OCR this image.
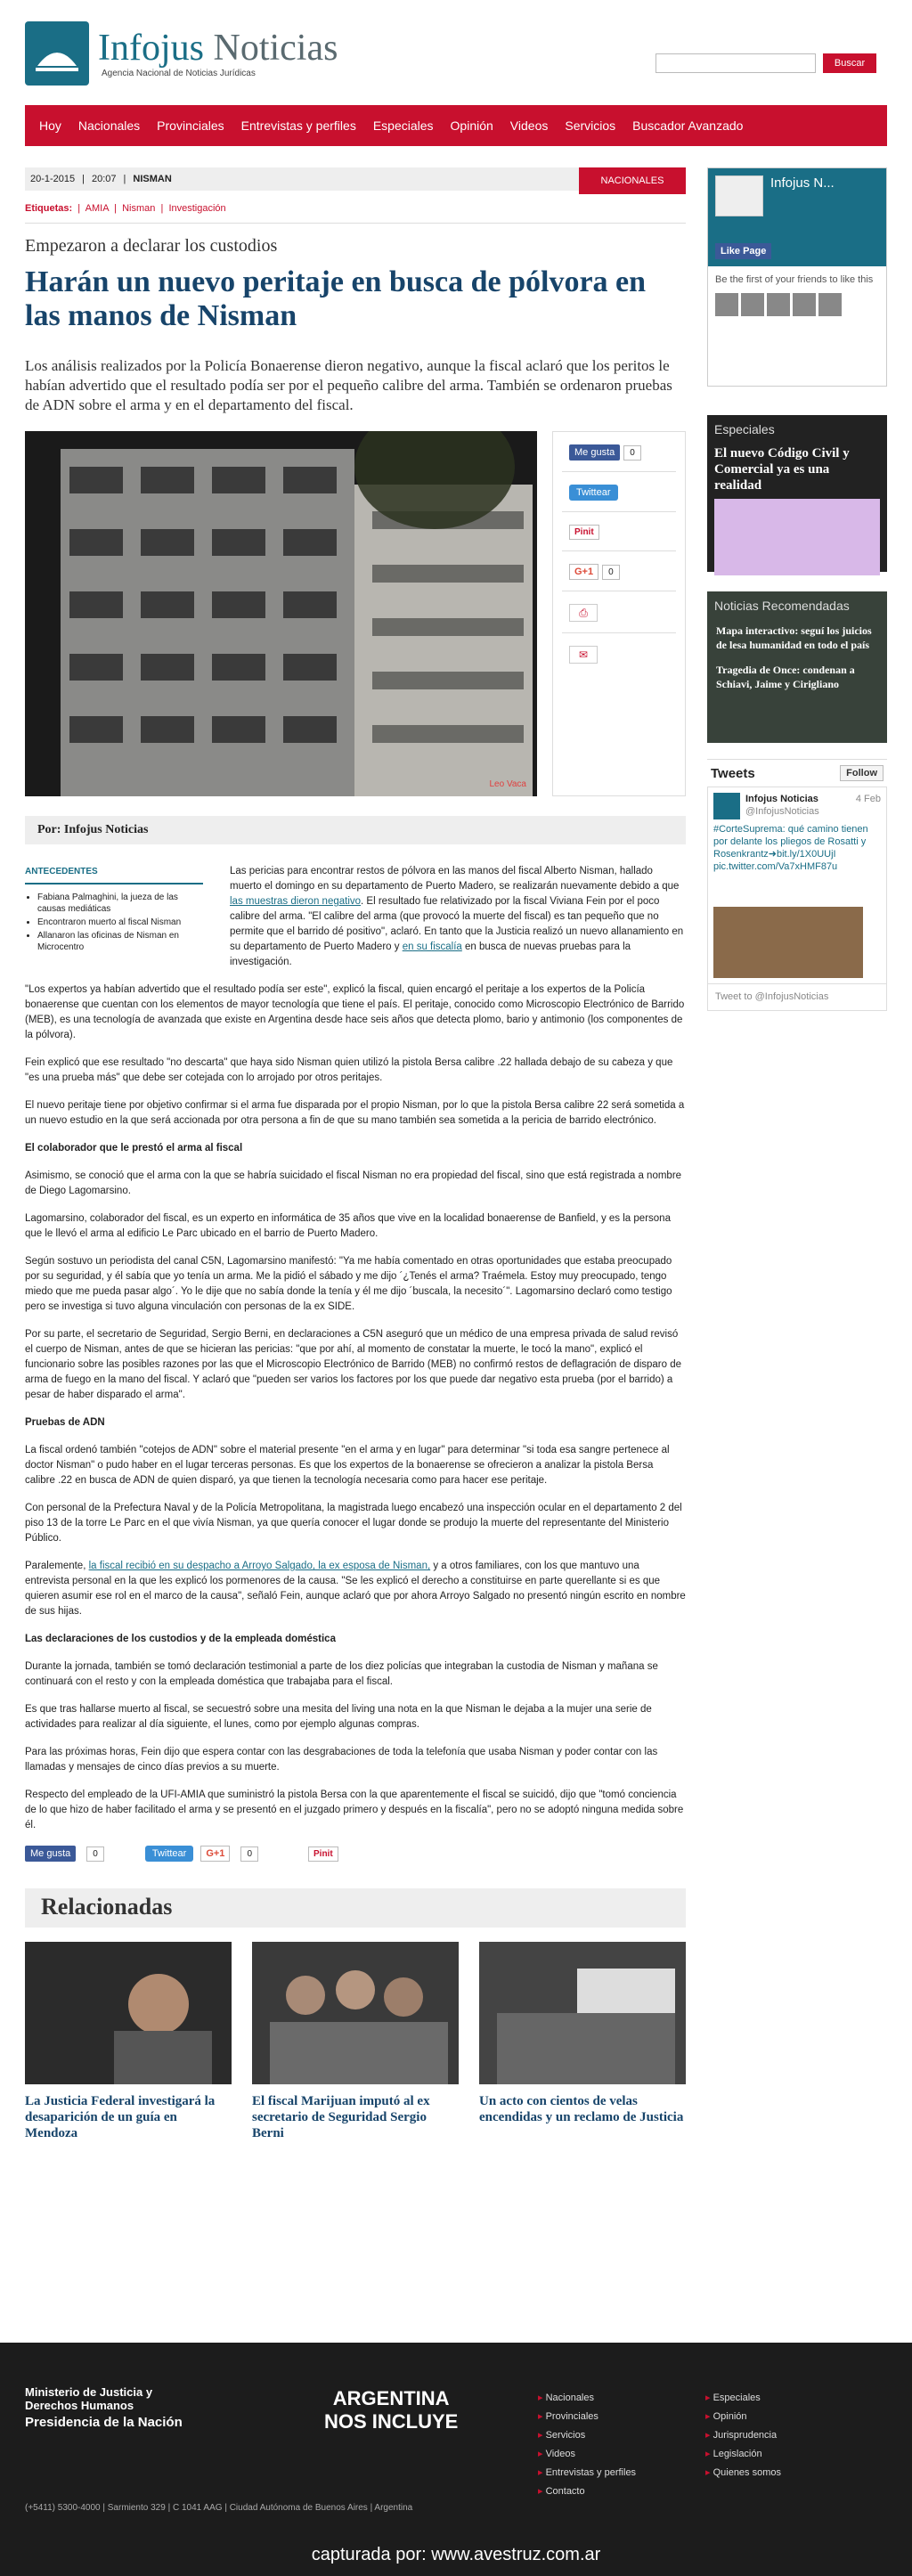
Infojus Noticias
Agencia Nacional de Noticias Jurídicas
Buscar
Hoy Nacionales Provinciales Entrevistas y perfiles Especiales Opinión Videos Servicios Buscador Avanzado
20-1-2015 | 20:07 | NISMAN	NACIONALES
Etiquetas:  |  AMIA  |  Nisman  |  Investigación
Empezaron a declarar los custodios
Harán un nuevo peritaje en busca de pólvora en las manos de Nisman
Los análisis realizados por la Policía Bonaerense dieron negativo, aunque la fiscal aclaró que los peritos le habían advertido que el resultado podía ser por el pequeño calibre del arma. También se ordenaron pruebas de ADN sobre el arma y en el departamento del fiscal.
Leo Vaca
Me gusta 0
Twittear
Pinit
G+1 0
⎙
✉
Por: Infojus Noticias
ANTECEDENTES
• Fabiana Palmaghini, la jueza de las causas mediáticas
• Encontraron muerto al fiscal Nisman
• Allanaron las oficinas de Nisman en Microcentro

Las pericias para encontrar restos de pólvora en las manos del fiscal Alberto Nisman, hallado muerto el domingo en su departamento de Puerto Madero, se realizarán nuevamente debido a que las muestras dieron negativo. El resultado fue relativizado por la fiscal Viviana Fein por el poco calibre del arma. "El calibre del arma (que provocó la muerte del fiscal) es tan pequeño que no permite que el barrido dé positivo", aclaró. En tanto que la Justicia realizó un nuevo allanamiento en su departamento de Puerto Madero y en su fiscalía en busca de nuevas pruebas para la investigación.

"Los expertos ya habían advertido que el resultado podía ser este", explicó la fiscal, quien encargó el peritaje a los expertos de la Policía bonaerense que cuentan con los elementos de mayor tecnología que tiene el país. El peritaje, conocido como Microscopio Electrónico de Barrido (MEB), es una tecnología de avanzada que existe en Argentina desde hace seis años que detecta plomo, bario y antimonio (los componentes de la pólvora).

Fein explicó que ese resultado "no descarta" que haya sido Nisman quien utilizó la pistola Bersa calibre .22 hallada debajo de su cabeza y que "es una prueba más" que debe ser cotejada con lo arrojado por otros peritajes.

El nuevo peritaje tiene por objetivo confirmar si el arma fue disparada por el propio Nisman, por lo que la pistola Bersa calibre 22 será sometida a un nuevo estudio en la que será accionada por otra persona a fin de que su mano también sea sometida a la pericia de barrido electrónico.

El colaborador que le prestó el arma al fiscal

Asimismo, se conoció que el arma con la que se habría suicidado el fiscal Nisman no era propiedad del fiscal, sino que está registrada a nombre de Diego Lagomarsino.

Lagomarsino, colaborador del fiscal, es un experto en informática de 35 años que vive en la localidad bonaerense de Banfield, y es la persona que le llevó el arma al edificio Le Parc ubicado en el barrio de Puerto Madero.

Según sostuvo un periodista del canal C5N, Lagomarsino manifestó: "Ya me había comentado en otras oportunidades que estaba preocupado por su seguridad, y él sabía que yo tenía un arma. Me la pidió el sábado y me dijo ´¿Tenés el arma? Traémela. Estoy muy preocupado, tengo miedo que me pueda pasar algo´. Yo le dije que no sabía donde la tenía y él me dijo ´buscala, la necesito´". Lagomarsino declaró como testigo pero se investiga si tuvo alguna vinculación con personas de la ex SIDE.

Por su parte, el secretario de Seguridad, Sergio Berni, en declaraciones a C5N aseguró que un médico de una empresa privada de salud revisó el cuerpo de Nisman, antes de que se hicieran las pericias: "que por ahí, al momento de constatar la muerte, le tocó la mano", explicó el funcionario sobre las posibles razones por las que el Microscopio Electrónico de Barrido (MEB) no confirmó restos de deflagración de disparo de arma de fuego en la mano del fiscal. Y aclaró que "pueden ser varios los factores por los que puede dar negativo esta prueba (por el barrido) a pesar de haber disparado el arma".

Pruebas de ADN

La fiscal ordenó también "cotejos de ADN" sobre el material presente "en el arma y en lugar" para determinar "si toda esa sangre pertenece al doctor Nisman" o pudo haber en el lugar terceras personas. Es que los expertos de la bonaerense se ofrecieron a analizar la pistola Bersa calibre .22 en busca de ADN de quien disparó, ya que tienen la tecnología necesaria como para hacer ese peritaje.

Con personal de la Prefectura Naval y de la Policía Metropolitana, la magistrada luego encabezó una inspección ocular en el departamento 2 del piso 13 de la torre Le Parc en el que vivía Nisman, ya que quería conocer el lugar donde se produjo la muerte del representante del Ministerio Público.

Paralemente, la fiscal recibió en su despacho a Arroyo Salgado, la ex esposa de Nisman, y a otros familiares, con los que mantuvo una entrevista personal en la que les explicó los pormenores de la causa. "Se les explicó el derecho a constituirse en parte querellante si es que quieren asumir ese rol en el marco de la causa", señaló Fein, aunque aclaró que por ahora Arroyo Salgado no presentó ningún escrito en nombre de sus hijas.

Las declaraciones de los custodios y de la empleada doméstica

Durante la jornada, también se tomó declaración testimonial a parte de los diez policías que integraban la custodia de Nisman y mañana se continuará con el resto y con la empleada doméstica que trabajaba para el fiscal.

Es que tras hallarse muerto al fiscal, se secuestró sobre una mesita del living una nota en la que Nisman le dejaba a la mujer una serie de actividades para realizar al día siguiente, el lunes, como por ejemplo algunas compras.

Para las próximas horas, Fein dijo que espera contar con las desgrabaciones de toda la telefonía que usaba Nisman y poder contar con las llamadas y mensajes de cinco días previos a su muerte.

Respecto del empleado de la UFI-AMIA que suministró la pistola Bersa con la que aparentemente el fiscal se suicidó, dijo que "tomó conciencia de lo que hizo de haber facilitado el arma y se presentó en el juzgado primero y después en la fiscalía", pero no se adoptó ninguna medida sobre él.

Me gusta	0	Twittear	G+1	0	Pinit
Relacionadas
La Justicia Federal investigará la desaparición de un guía en Mendoza
El fiscal Marijuan imputó al ex secretario de Seguridad Sergio Berni
Un acto con cientos de velas encendidas y un reclamo de Justicia
Infojus N...
Like Page
Be the first of your friends to like this
Especiales
El nuevo Código Civil y Comercial ya es una realidad
Noticias Recomendadas
Mapa interactivo: seguí los juicios de lesa humanidad en todo el país
Tragedia de Once: condenan a Schiavi, Jaime y Cirigliano
Tweets	Follow
Infojus Noticias	4 Feb
@InfojusNoticias
#CorteSuprema: qué camino tienen por delante los pliegos de Rosatti y Rosenkrantz➜bit.ly/1X0UUjI pic.twitter.com/Va7xHMF87u
Tweet to @InfojusNoticias
Ministerio de Justicia y Derechos Humanos
Presidencia de la Nación
(+5411) 5300-4000 | Sarmiento 329 | C 1041 AAG | Ciudad Autónoma de Buenos Aires | Argentina
ARGENTINA
NOS INCLUYE
▸ Nacionales
▸ Provinciales
▸ Servicios
▸ Videos
▸ Entrevistas y perfiles
▸ Contacto
▸ Especiales
▸ Opinión
▸ Jurisprudencia
▸ Legislación
▸ Quienes somos
capturada por: www.avestruz.com.ar
